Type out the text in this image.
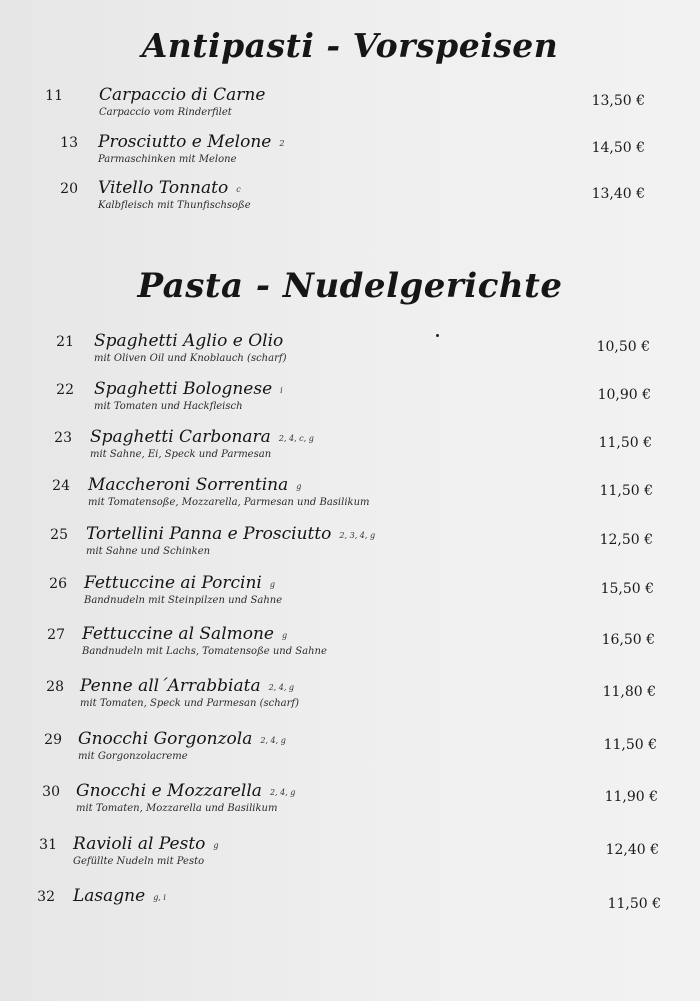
Antipasti - Vorspeisen
11 Carpaccio di Carne
Carpaccio vom Rinderfilet
13,50 €
13 Prosciutto e Melone 2
Parmaschinken mit Melone
14,50 €
20 Vitello Tonnato c
Kalbfleisch mit Thunfischsoße
13,40 €
Pasta - Nudelgerichte
21 Spaghetti Aglio e Olio
mit Oliven Oil und Knoblauch (scharf)
10,50 €
22 Spaghetti Bolognese i
mit Tomaten und Hackfleisch
10,90 €
23 Spaghetti Carbonara 2, 4, c, g
mit Sahne, Ei, Speck und Parmesan
11,50 €
24 Maccheroni Sorrentina g
mit Tomatensoße, Mozzarella, Parmesan und Basilikum
11,50 €
25 Tortellini Panna e Prosciutto 2, 3, 4, g
mit Sahne und Schinken
12,50 €
26 Fettuccine ai Porcini g
Bandnudeln mit Steinpilzen und Sahne
15,50 €
27 Fettuccine al Salmone g
Bandnudeln mit Lachs, Tomatensoße und Sahne
16,50 €
28 Penne all´Arrabbiata 2, 4, g
mit Tomaten, Speck und Parmesan (scharf)
11,80 €
29 Gnocchi Gorgonzola 2, 4, g
mit Gorgonzolacreme
11,50 €
30 Gnocchi e Mozzarella 2, 4, g
mit Tomaten, Mozzarella und Basilikum
11,90 €
31 Ravioli al Pesto g
Gefüllte Nudeln mit Pesto
12,40 €
32 Lasagne g, i	11,50 €
